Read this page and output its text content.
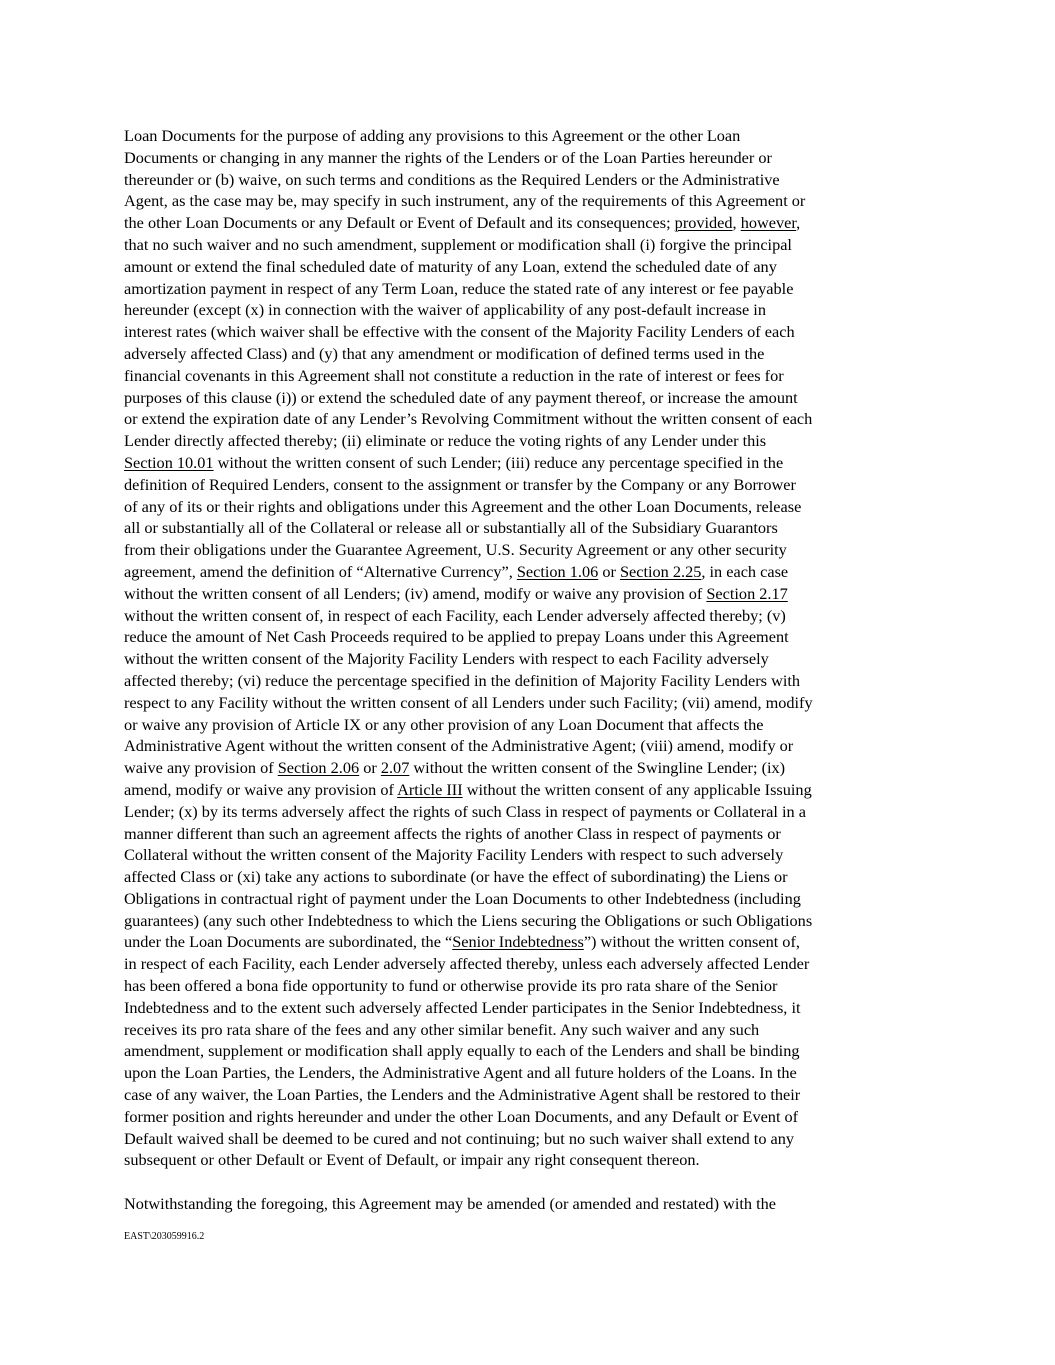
Loan Documents for the purpose of adding any provisions to this Agreement or the other Loan
Documents or changing in any manner the rights of the Lenders or of the Loan Parties hereunder or
thereunder or (b) waive, on such terms and conditions as the Required Lenders or the Administrative
Agent, as the case may be, may specify in such instrument, any of the requirements of this Agreement or
the other Loan Documents or any Default or Event of Default and its consequences; provided, however,
that no such waiver and no such amendment, supplement or modification shall (i) forgive the principal
amount or extend the final scheduled date of maturity of any Loan, extend the scheduled date of any
amortization payment in respect of any Term Loan, reduce the stated rate of any interest or fee payable
hereunder (except (x) in connection with the waiver of applicability of any post-default increase in
interest rates (which waiver shall be effective with the consent of the Majority Facility Lenders of each
adversely affected Class) and (y) that any amendment or modification of defined terms used in the
financial covenants in this Agreement shall not constitute a reduction in the rate of interest or fees for
purposes of this clause (i)) or extend the scheduled date of any payment thereof, or increase the amount
or extend the expiration date of any Lender’s Revolving Commitment without the written consent of each
Lender directly affected thereby; (ii) eliminate or reduce the voting rights of any Lender under this
Section 10.01 without the written consent of such Lender; (iii) reduce any percentage specified in the
definition of Required Lenders, consent to the assignment or transfer by the Company or any Borrower
of any of its or their rights and obligations under this Agreement and the other Loan Documents, release
all or substantially all of the Collateral or release all or substantially all of the Subsidiary Guarantors
from their obligations under the Guarantee Agreement, U.S. Security Agreement or any other security
agreement, amend the definition of “Alternative Currency”, Section 1.06 or Section 2.25, in each case
without the written consent of all Lenders; (iv) amend, modify or waive any provision of Section 2.17
without the written consent of, in respect of each Facility, each Lender adversely affected thereby; (v)
reduce the amount of Net Cash Proceeds required to be applied to prepay Loans under this Agreement
without the written consent of the Majority Facility Lenders with respect to each Facility adversely
affected thereby; (vi) reduce the percentage specified in the definition of Majority Facility Lenders with
respect to any Facility without the written consent of all Lenders under such Facility; (vii) amend, modify
or waive any provision of Article IX or any other provision of any Loan Document that affects the
Administrative Agent without the written consent of the Administrative Agent; (viii) amend, modify or
waive any provision of Section 2.06 or 2.07 without the written consent of the Swingline Lender; (ix)
amend, modify or waive any provision of Article III without the written consent of any applicable Issuing
Lender; (x) by its terms adversely affect the rights of such Class in respect of payments or Collateral in a
manner different than such an agreement affects the rights of another Class in respect of payments or
Collateral without the written consent of the Majority Facility Lenders with respect to such adversely
affected Class or (xi) take any actions to subordinate (or have the effect of subordinating) the Liens or
Obligations in contractual right of payment under the Loan Documents to other Indebtedness (including
guarantees) (any such other Indebtedness to which the Liens securing the Obligations or such Obligations
under the Loan Documents are subordinated, the “Senior Indebtedness”) without the written consent of,
in respect of each Facility, each Lender adversely affected thereby, unless each adversely affected Lender
has been offered a bona fide opportunity to fund or otherwise provide its pro rata share of the Senior
Indebtedness and to the extent such adversely affected Lender participates in the Senior Indebtedness, it
receives its pro rata share of the fees and any other similar benefit. Any such waiver and any such
amendment, supplement or modification shall apply equally to each of the Lenders and shall be binding
upon the Loan Parties, the Lenders, the Administrative Agent and all future holders of the Loans. In the
case of any waiver, the Loan Parties, the Lenders and the Administrative Agent shall be restored to their
former position and rights hereunder and under the other Loan Documents, and any Default or Event of
Default waived shall be deemed to be cured and not continuing; but no such waiver shall extend to any
subsequent or other Default or Event of Default, or impair any right consequent thereon.
Notwithstanding the foregoing, this Agreement may be amended (or amended and restated) with the
EAST\203059916.2
